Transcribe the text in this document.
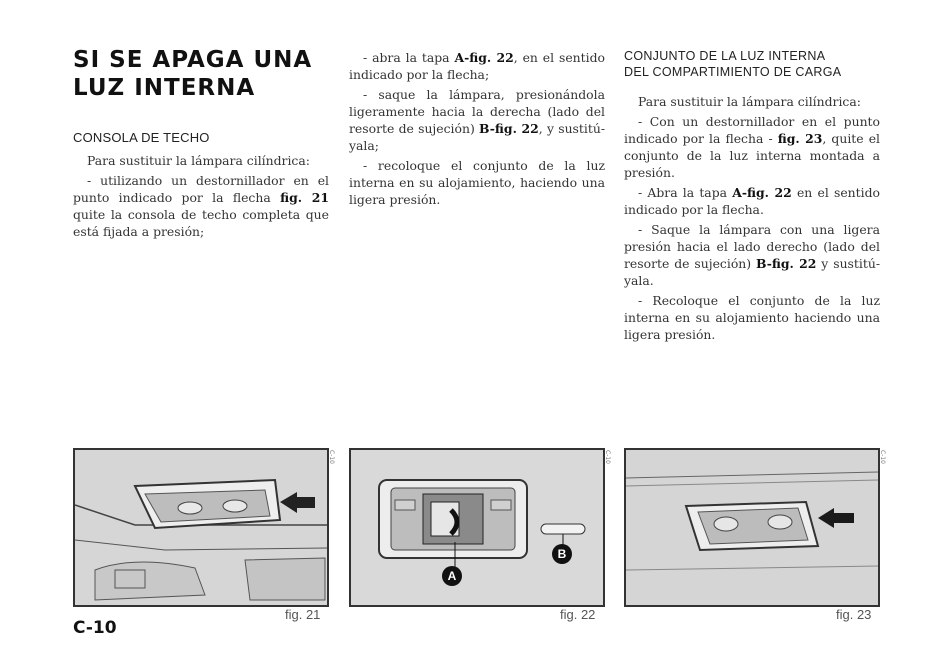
SI SE APAGA UNA
LUZ INTERNA
CONSOLA DE TECHO

Para sustituir la lámpara cilíndrica:

- utilizando un destornillador en el punto indicado por la flecha fig. 21 quite la consola de techo completa que está fijada a presión;

- abra la tapa A-fig. 22, en el sentido indicado por la flecha;

- saque la lámpara, presionándola ligeramente hacia la derecha (lado del resorte de sujeción) B-fig. 22, y sustitúyala;

- recoloque el conjunto de la luz interna en su alojamiento, haciendo una ligera presión.

CONJUNTO DE LA LUZ INTERNA
DEL COMPARTIMIENTO DE CARGA

Para sustituir la lámpara cilíndrica:

- Con un destornillador en el punto indicado por la flecha - fig. 23, quite el conjunto de la luz interna montada a presión.

- Abra la tapa A-fig. 22 en el sentido indicado por la flecha.

- Saque la lámpara con una ligera presión hacia el lado derecho (lado del resorte de sujeción) B-fig. 22 y sustitúyala.

- Recoloque el conjunto de la luz interna en su alojamiento haciendo una ligera presión.

C-10
fig. 21
A
B
C-10
fig. 22
C-10
fig. 23
C-10
